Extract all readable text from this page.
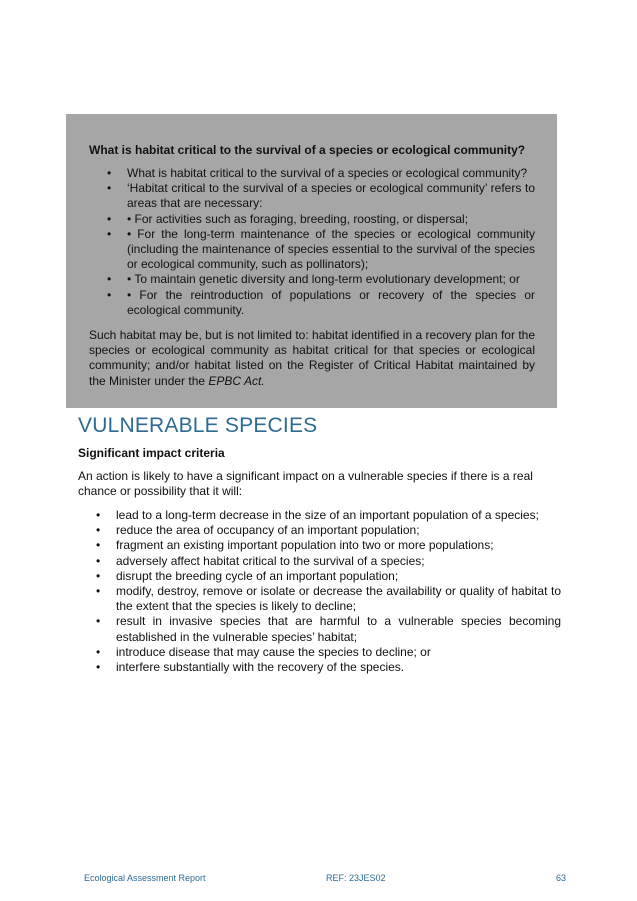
What is habitat critical to the survival of a species or ecological community?

• What is habitat critical to the survival of a species or ecological community?
• ‘Habitat critical to the survival of a species or ecological community’ refers to areas that are necessary:
• • For activities such as foraging, breeding, roosting, or dispersal;
• • For the long-term maintenance of the species or ecological community (including the maintenance of species essential to the survival of the species or ecological community, such as pollinators);
• • To maintain genetic diversity and long-term evolutionary development; or
• • For the reintroduction of populations or recovery of the species or ecological community.

Such habitat may be, but is not limited to: habitat identified in a recovery plan for the species or ecological community as habitat critical for that species or ecological community; and/or habitat listed on the Register of Critical Habitat maintained by the Minister under the EPBC Act.

VULNERABLE SPECIES
Significant impact criteria

An action is likely to have a significant impact on a vulnerable species if there is a real chance or possibility that it will:

• lead to a long-term decrease in the size of an important population of a species;
• reduce the area of occupancy of an important population;
• fragment an existing important population into two or more populations;
• adversely affect habitat critical to the survival of a species;
• disrupt the breeding cycle of an important population;
• modify, destroy, remove or isolate or decrease the availability or quality of habitat to the extent that the species is likely to decline;
• result in invasive species that are harmful to a vulnerable species becoming established in the vulnerable species’ habitat;
• introduce disease that may cause the species to decline; or
• interfere substantially with the recovery of the species.
Ecological Assessment Report	REF: 23JES02	63
